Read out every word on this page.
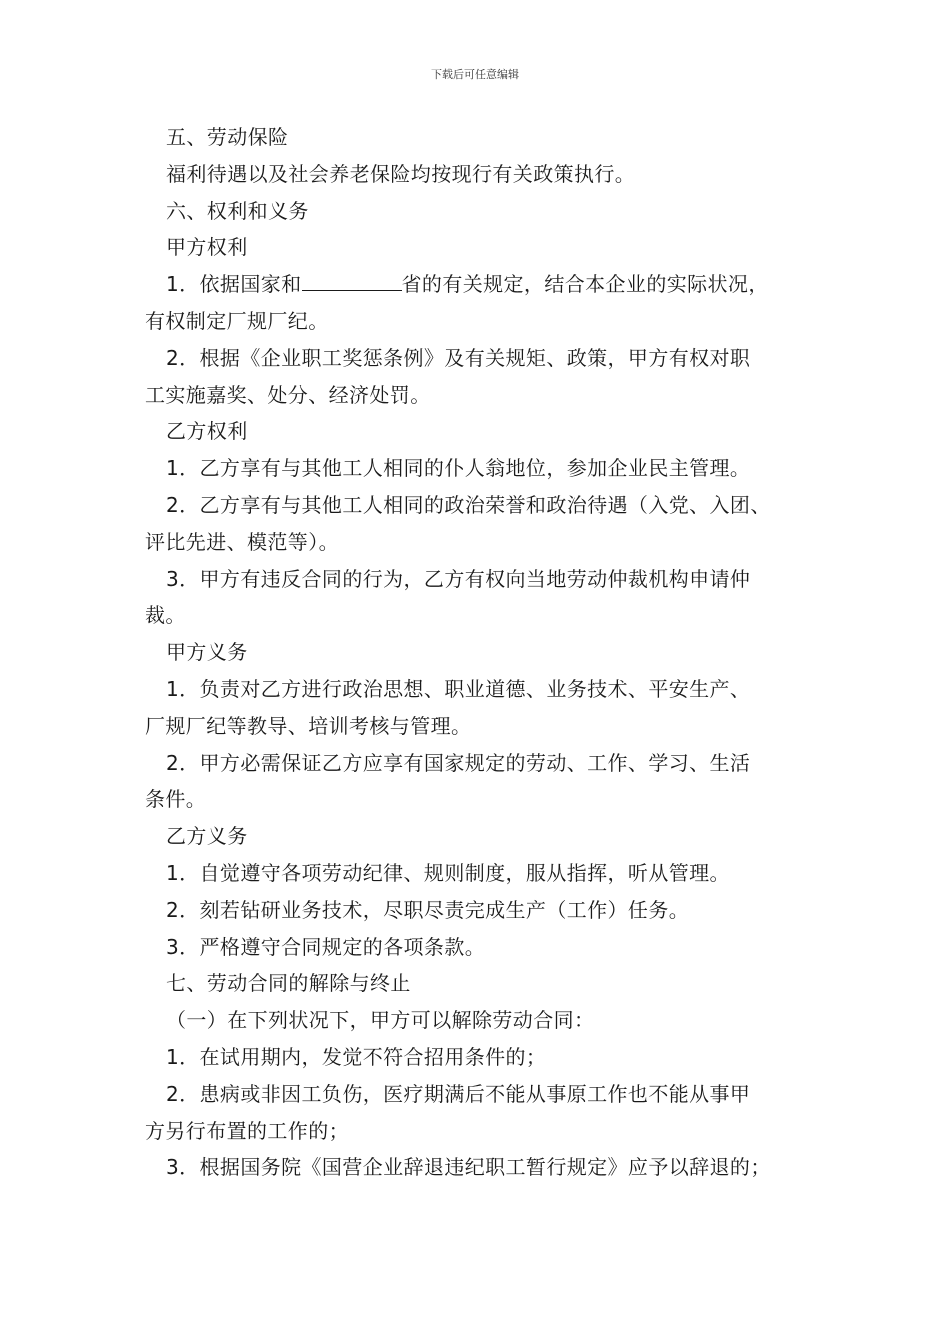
下载后可任意编辑
五、劳动保险
福利待遇以及社会养老保险均按现行有关政策执行。
六、权利和义务
甲方权利
1．依据国家和	省的有关规定，结合本企业的实际状况，
有权制定厂规厂纪。
2．根据《企业职工奖惩条例》及有关规矩、政策，甲方有权对职
工实施嘉奖、处分、经济处罚。
乙方权利
1．乙方享有与其他工人相同的仆人翁地位，参加企业民主管理。
2．乙方享有与其他工人相同的政治荣誉和政治待遇（入党、入团、
评比先进、模范等）。
3．甲方有违反合同的行为，乙方有权向当地劳动仲裁机构申请仲
裁。
甲方义务
1．负责对乙方进行政治思想、职业道德、业务技术、平安生产、
厂规厂纪等教导、培训考核与管理。
2．甲方必需保证乙方应享有国家规定的劳动、工作、学习、生活
条件。
乙方义务
1．自觉遵守各项劳动纪律、规则制度，服从指挥，听从管理。
2．刻若钻研业务技术，尽职尽责完成生产（工作）任务。
3．严格遵守合同规定的各项条款。
七、劳动合同的解除与终止
（一）在下列状况下，甲方可以解除劳动合同：
1．在试用期内，发觉不符合招用条件的；
2．患病或非因工负伤，医疗期满后不能从事原工作也不能从事甲
方另行布置的工作的；
3．根据国务院《国营企业辞退违纪职工暂行规定》应予以辞退的；
